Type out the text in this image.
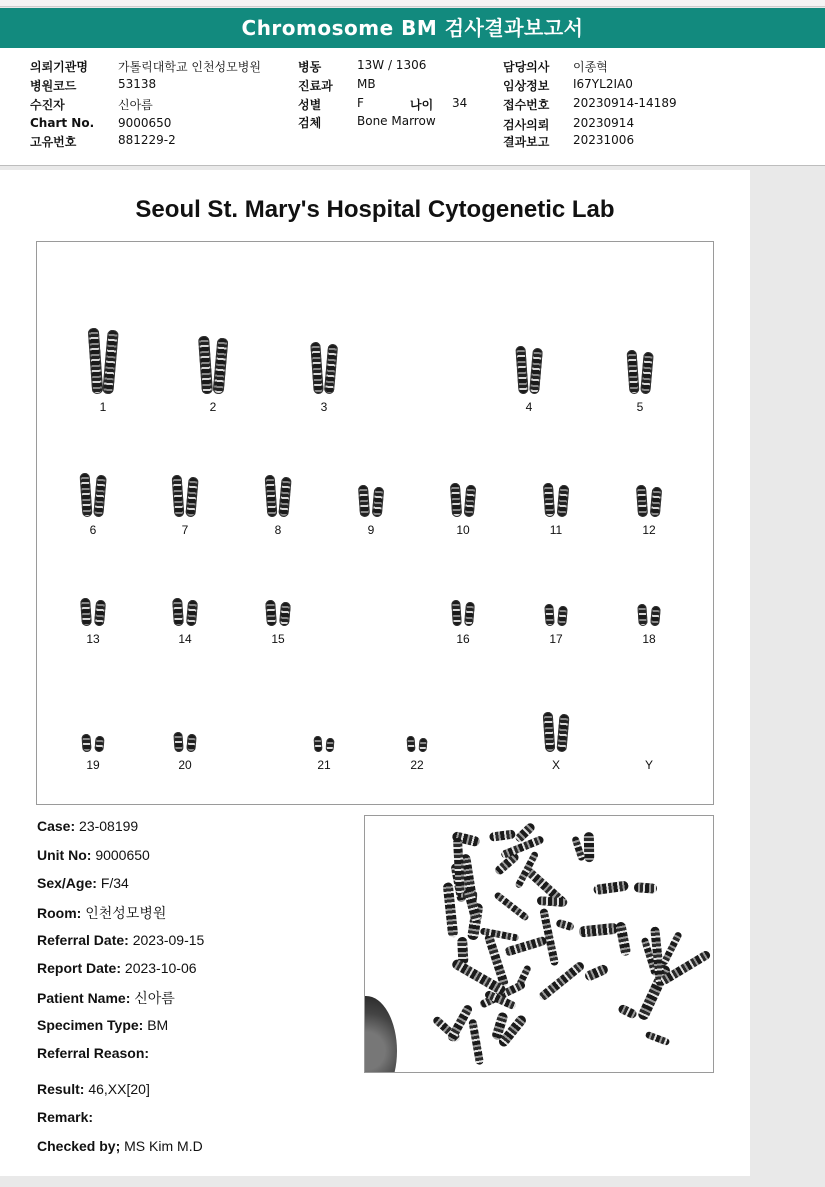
Chromosome BM 검사결과보고서
의뢰기관명	가톨릭대학교 인천성모병원
병원코드	53138
수진자	신아름
Chart No. 9000650
고유번호	881229-2
병동	13W / 1306
진료과 MB
성별	F	나이 34
검체	Bone Marrow
담당의사 이종혁
임상정보 I67YL2IA0
접수번호 20230914-14189
검사의뢰 20230914
결과보고 20231006
Seoul St. Mary's Hospital Cytogenetic Lab
1	2	3	4	5
6	7	8	9	10	11	12
13	14	15	16	17	18
19	20	21	22	X	Y
Case: 23-08199
Unit No: 9000650
Sex/Age: F/34
Room: 인천성모병원
Referral Date: 2023-09-15
Report Date: 2023-10-06
Patient Name: 신아름
Specimen Type: BM
Referral Reason:
Result: 46,XX[20]
Remark:
Checked by; MS Kim M.D
